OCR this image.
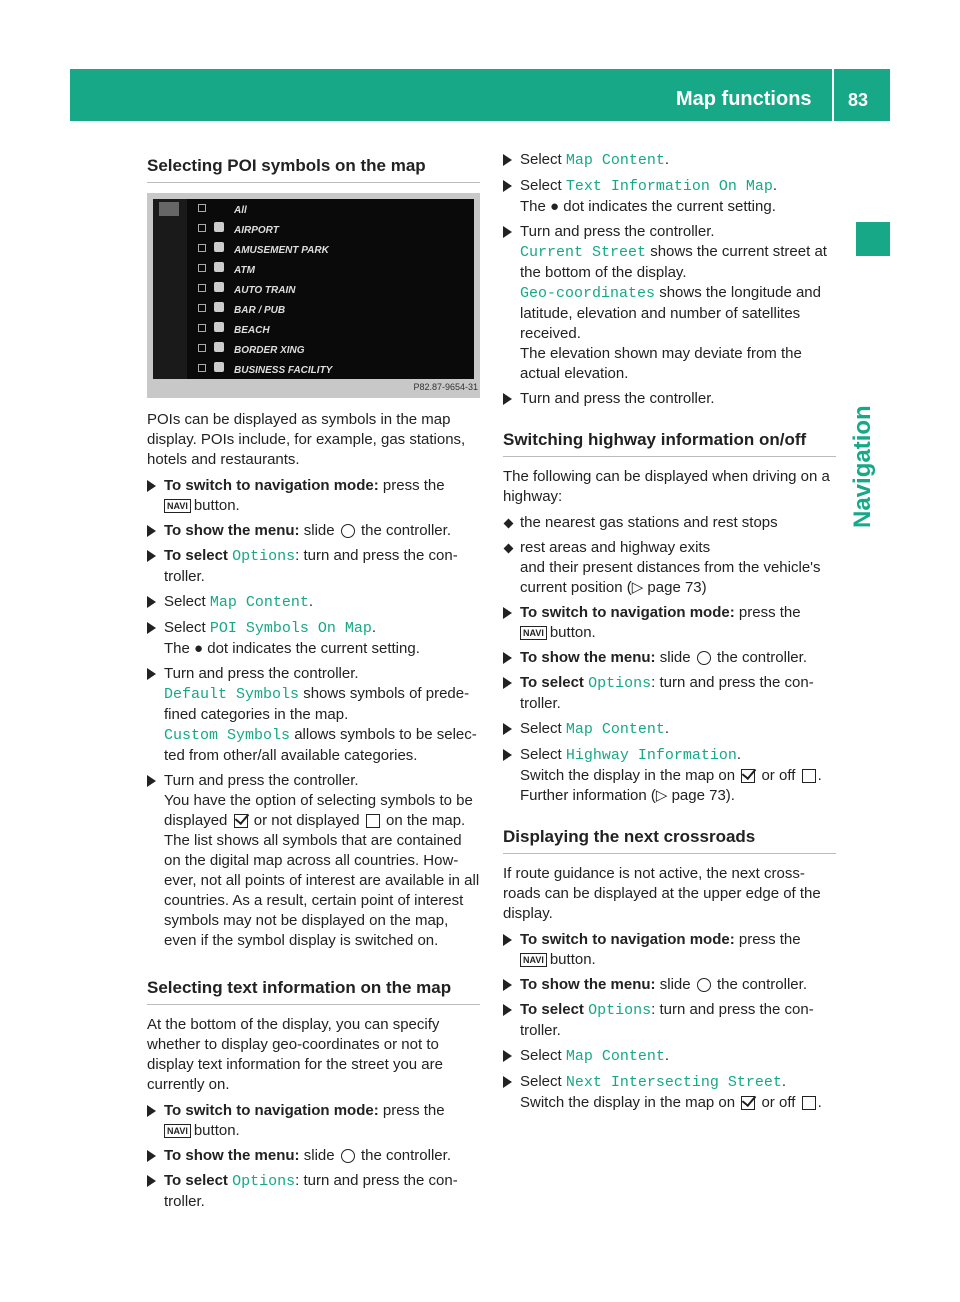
Map functions 83
Navigation
Selecting POI symbols on the map
All
AIRPORT
AMUSEMENT PARK
ATM
AUTO TRAIN
BAR / PUB
BEACH
BORDER XING
BUSINESS FACILITY
P82.87-9654-31

POIs can be displayed as symbols in the map display. POIs include, for example, gas stations, hotels and restaurants.

To switch to navigation mode: press the
NAVI button.
To show the menu: slide the controller.
To select Options: turn and press the controller.
Select Map Content.
Select POI Symbols On Map.
The ● dot indicates the current setting.
Turn and press the controller.
Default Symbols shows symbols of predefined categories in the map.
Custom Symbols allows symbols to be selected from other/all available categories.
Turn and press the controller.
You have the option of selecting symbols to be displayed or not displayed on the map.
The list shows all symbols that are contained on the digital map across all countries. However, not all points of interest are available in all countries. As a result, certain point of interest symbols may not be displayed on the map, even if the symbol display is switched on.
Selecting text information on the map

At the bottom of the display, you can specify whether to display geo-coordinates or not to display text information for the street you are currently on.

To switch to navigation mode: press the
NAVI button.
To show the menu: slide the controller.
To select Options: turn and press the controller.
Select Map Content.
Select Text Information On Map.
The ● dot indicates the current setting.
Turn and press the controller.
Current Street shows the current street at the bottom of the display.
Geo-coordinates shows the longitude and latitude, elevation and number of satellites received.
The elevation shown may deviate from the actual elevation.
Turn and press the controller.
Switching highway information on/off

The following can be displayed when driving on a highway:

the nearest gas stations and rest stops
rest areas and highway exits
and their present distances from the vehicle's current position (▷ page 73)
To switch to navigation mode: press the
NAVI button.
To show the menu: slide the controller.
To select Options: turn and press the controller.
Select Map Content.
Select Highway Information.
Switch the display in the map on or off .
Further information (▷ page 73).
Displaying the next crossroads

If route guidance is not active, the next crossroads can be displayed at the upper edge of the display.

To switch to navigation mode: press the
NAVI button.
To show the menu: slide the controller.
To select Options: turn and press the controller.
Select Map Content.
Select Next Intersecting Street.
Switch the display in the map on or off .
